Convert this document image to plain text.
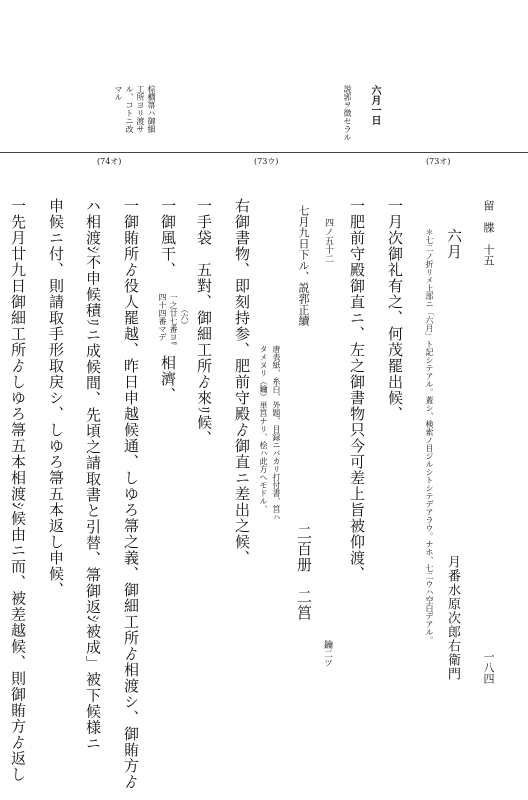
六月一日
説郛ヲ徴セラル
棕櫚箒ハ御細
工所ヨリ渡サ
ル、コトニ改
マル
(74オ)	(73ウ)	(73オ)
留　牒　十五
一八四
六月
＊七二ノ折リメ上部ニ「六月」ト記シテアル。蓋シ、検索ノ目ジルシトシテデアラウ。ナホ、七二ウハ空白デアル。 月番水原次郎右衛門
一月次御礼有之、何茂罷出候、
一肥前守殿御直ニ、左之御書物只今可差上旨被仰渡、
四ノ五十二
七月九日下ル、説郛正續
二百册　二筥
鑰二ツ
唐表紙、糸白、外題、目録ニバカリ打付書、筥ハ
タメヌリ（鑰）単筥ナリ、桧ハ此方ヘモドル、
右御書物、即刻持参、肥前守殿ゟ御直ニ差出之候、
一手袋　五對、御細工所ゟ來ﾘ候、
一御風干、
（六）
一之廿七番ヨﾘ
四十四番マデ
相濟、
一御賄所ゟ役人罷越、昨日申越候通、しゆろ箒之義、御細工所ゟ相渡シ、御賄方ゟ
ハ相渡ｼ不申候積ﾘニ成候間、先頃之請取書と引替、箒御返ｼ被成」被下候様ニ
申候ニ付、則請取手形取戻シ、しゆろ箒五本返し申候、
一先月廿九日御細工所ゟしゆろ箒五本相渡ｼ候由ニ而、被差越候、則御賄方ゟ返し
